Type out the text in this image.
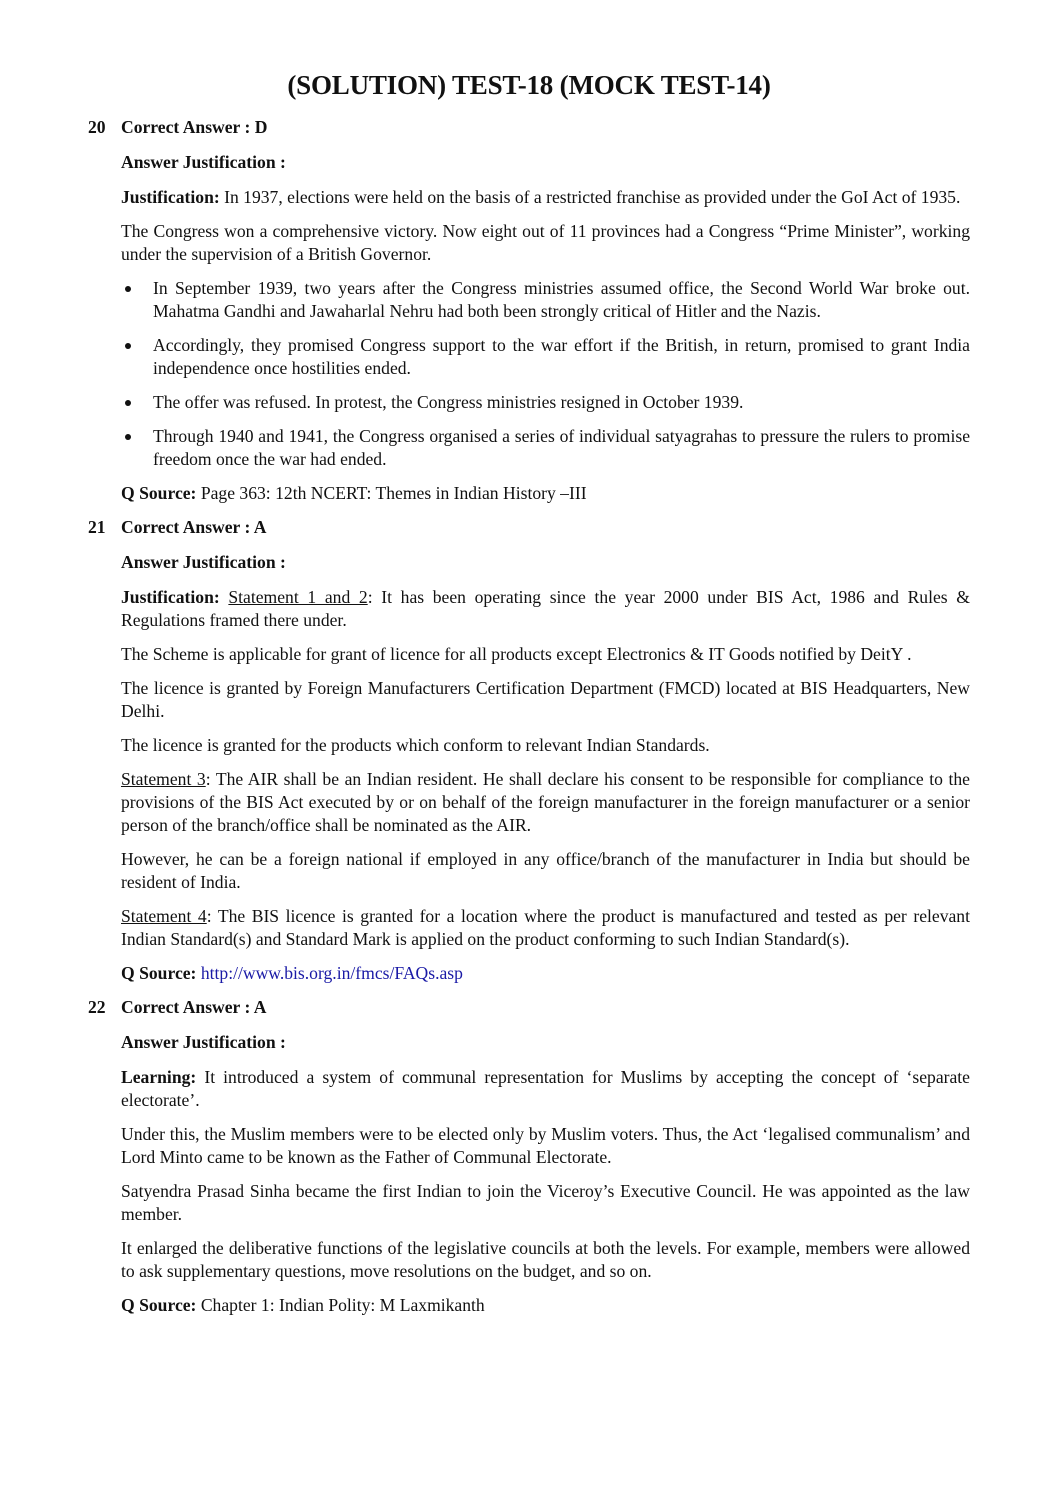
(SOLUTION) TEST-18 (MOCK TEST-14)
20 Correct Answer : D

Answer Justification :

Justification: In 1937, elections were held on the basis of a restricted franchise as provided under the GoI Act of 1935.

The Congress won a comprehensive victory. Now eight out of 11 provinces had a Congress “Prime Minister”, working under the supervision of a British Governor.

In September 1939, two years after the Congress ministries assumed office, the Second World War broke out. Mahatma Gandhi and Jawaharlal Nehru had both been strongly critical of Hitler and the Nazis.
Accordingly, they promised Congress support to the war effort if the British, in return, promised to grant India independence once hostilities ended.
The offer was refused. In protest, the Congress ministries resigned in October 1939.
Through 1940 and 1941, the Congress organised a series of individual satyagrahas to pressure the rulers to promise freedom once the war had ended.

Q Source: Page 363: 12th NCERT: Themes in Indian History –III

21 Correct Answer : A

Answer Justification :

Justification: Statement 1 and 2: It has been operating since the year 2000 under BIS Act, 1986 and Rules & Regulations framed there under.

The Scheme is applicable for grant of licence for all products except Electronics & IT Goods notified by DeitY .

The licence is granted by Foreign Manufacturers Certification Department (FMCD) located at BIS Headquarters, New Delhi.

The licence is granted for the products which conform to relevant Indian Standards.

Statement 3: The AIR shall be an Indian resident. He shall declare his consent to be responsible for compliance to the provisions of the BIS Act executed by or on behalf of the foreign manufacturer in the foreign manufacturer or a senior person of the branch/office shall be nominated as the AIR.

However, he can be a foreign national if employed in any office/branch of the manufacturer in India but should be resident of India.

Statement 4: The BIS licence is granted for a location where the product is manufactured and tested as per relevant Indian Standard(s) and Standard Mark is applied on the product conforming to such Indian Standard(s).

Q Source: http://www.bis.org.in/fmcs/FAQs.asp

22 Correct Answer : A

Answer Justification :

Learning: It introduced a system of communal representation for Muslims by accepting the concept of ‘separate electorate’.

Under this, the Muslim members were to be elected only by Muslim voters. Thus, the Act ‘legalised communalism’ and Lord Minto came to be known as the Father of Communal Electorate.

Satyendra Prasad Sinha became the first Indian to join the Viceroy’s Executive Council. He was appointed as the law member.

It enlarged the deliberative functions of the legislative councils at both the levels. For example, members were allowed to ask supplementary questions, move resolutions on the budget, and so on.

Q Source: Chapter 1: Indian Polity: M Laxmikanth
